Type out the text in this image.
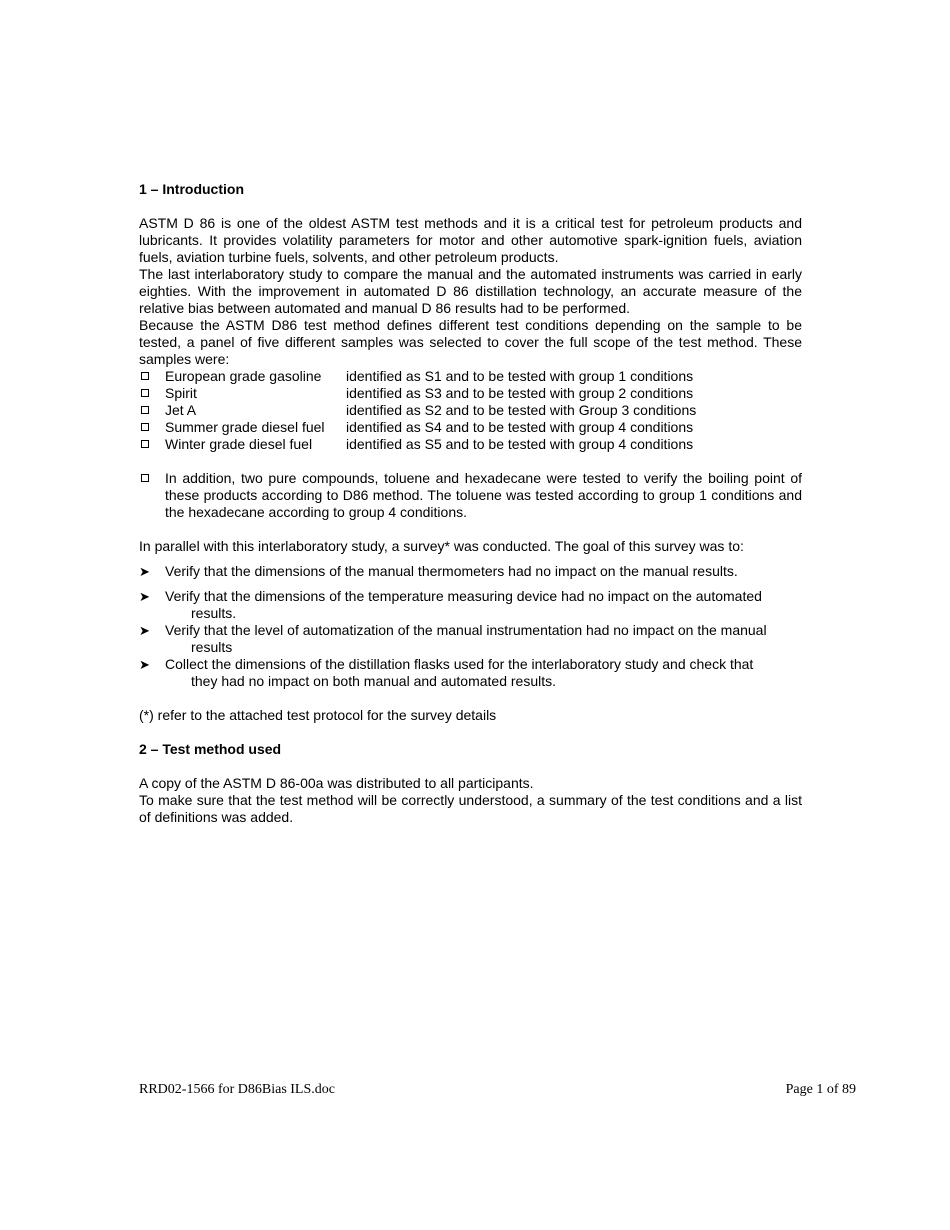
1 – Introduction

ASTM D 86 is one of the oldest ASTM test methods and it is a critical test for petroleum products and lubricants. It provides volatility parameters for motor and other automotive spark-ignition fuels, aviation fuels, aviation turbine fuels, solvents, and other petroleum products.

The last interlaboratory study to compare the manual and the automated instruments was carried in early eighties. With the improvement in automated D 86 distillation technology, an accurate measure of the relative bias between automated and manual D 86 results had to be performed.

Because the ASTM D86 test method defines different test conditions depending on the sample to be tested, a panel of five different samples was selected to cover the full scope of the test method. These samples were:

European grade gasoline	identified as S1 and to be tested with group 1 conditions
Spirit	identified as S3 and to be tested with group 2 conditions
Jet A	identified as S2 and to be tested with Group 3 conditions
Summer grade diesel fuel	identified as S4 and to be tested with group 4 conditions
Winter grade diesel fuel	identified as S5 and to be tested with group 4 conditions
In addition, two pure compounds, toluene and hexadecane were tested to verify the boiling point of these products according to D86 method. The toluene was tested according to group 1 conditions and the hexadecane according to group 4 conditions.

In parallel with this interlaboratory study, a survey* was conducted. The goal of this survey was to:

➤	Verify that the dimensions of the manual thermometers had no impact on the manual results.
➤	Verify that the dimensions of the temperature measuring device had no impact on the automated
results.
➤	Verify that the level of automatization of the manual instrumentation had no impact on the manual
results
➤	Collect the dimensions of the distillation flasks used for the interlaboratory study and check that
they had no impact on both manual and automated results.

(*) refer to the attached test protocol for the survey details

2 – Test method used

A copy of the ASTM D 86-00a was distributed to all participants.

To make sure that the test method will be correctly understood, a summary of the test conditions and a list of definitions was added.

RRD02-1566 for D86Bias ILS.doc	Page 1 of 89
